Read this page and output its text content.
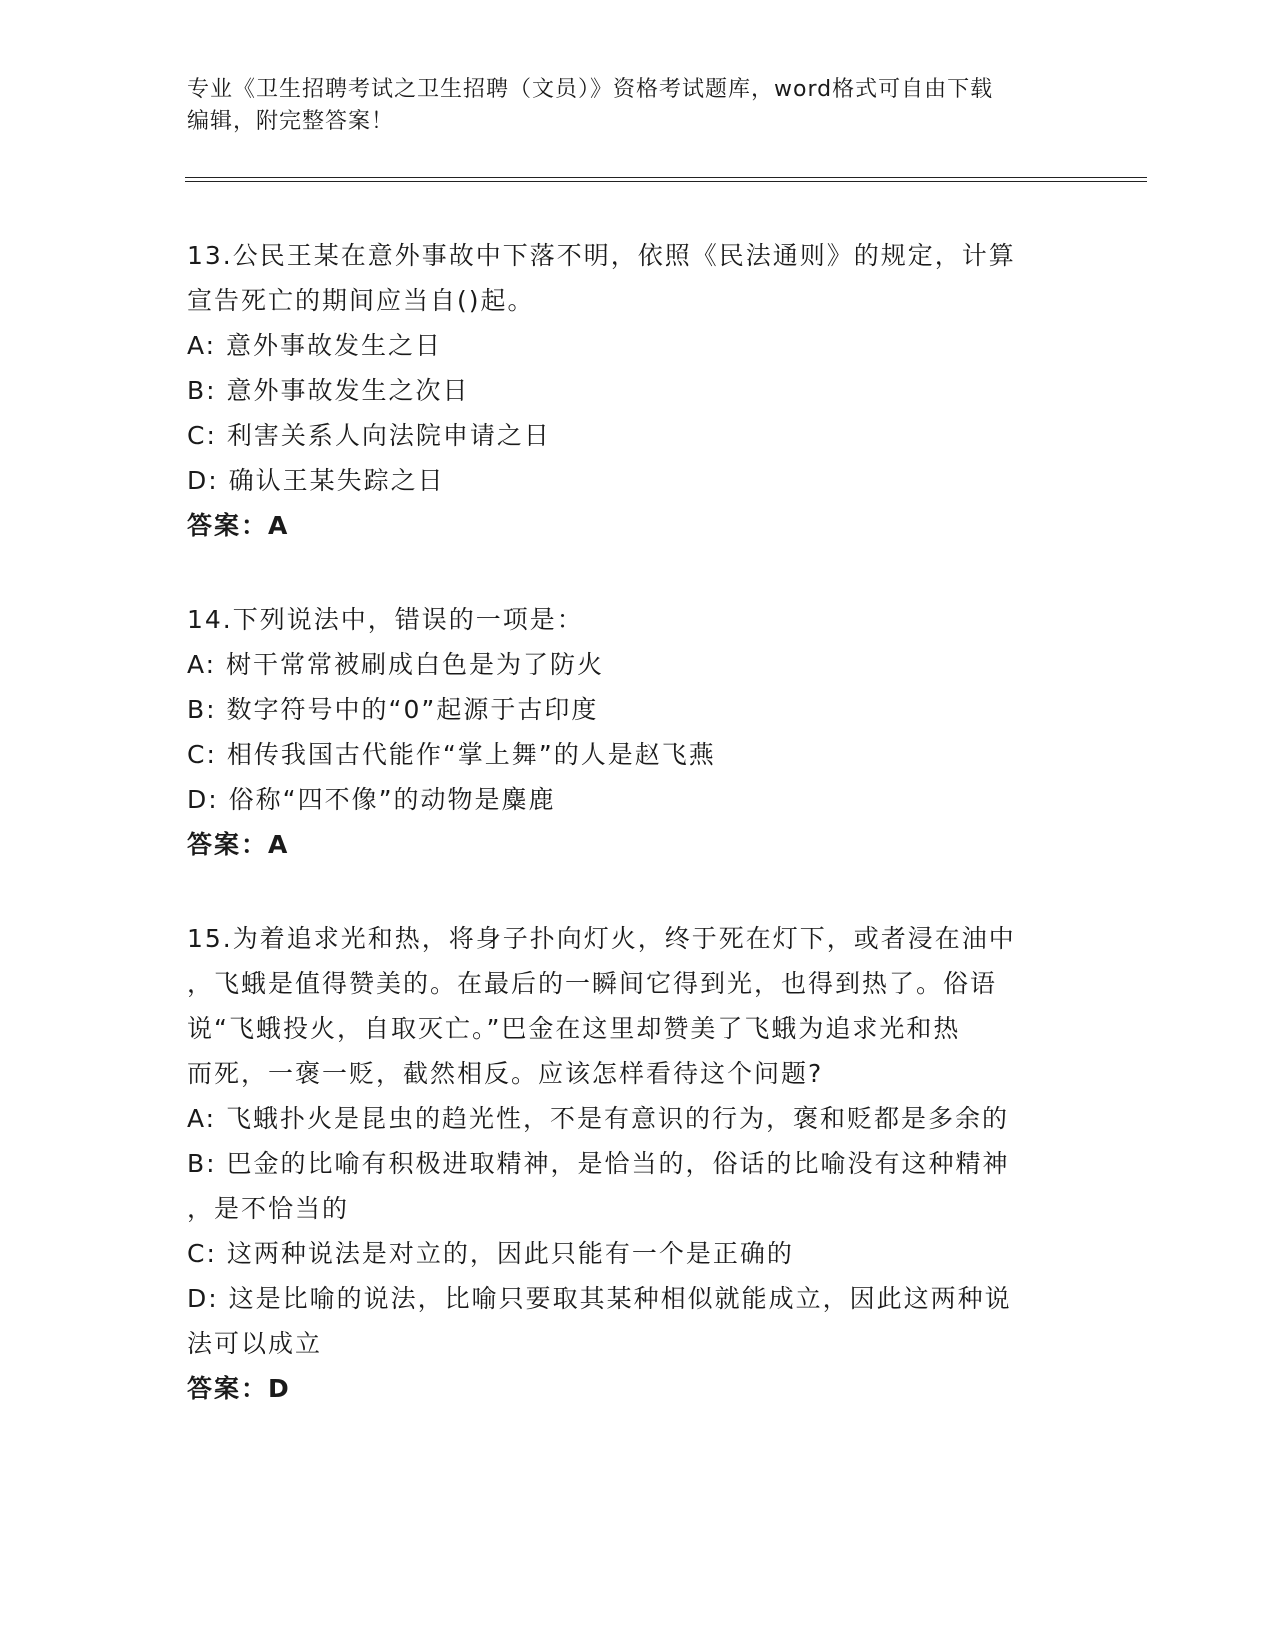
专业《卫生招聘考试之卫生招聘（文员）》资格考试题库，word格式可自由下载
编辑，附完整答案！
13.公民王某在意外事故中下落不明，依照《民法通则》的规定，计算
宣告死亡的期间应当自()起。
A: 意外事故发生之日
B: 意外事故发生之次日
C: 利害关系人向法院申请之日
D: 确认王某失踪之日
答案：A
14.下列说法中，错误的一项是：
A: 树干常常被刷成白色是为了防火
B: 数字符号中的“0”起源于古印度
C: 相传我国古代能作“掌上舞”的人是赵飞燕
D: 俗称“四不像”的动物是麋鹿
答案：A
15.为着追求光和热，将身子扑向灯火，终于死在灯下，或者浸在油中
，飞蛾是值得赞美的。在最后的一瞬间它得到光，也得到热了。俗语
说“飞蛾投火，自取灭亡。”巴金在这里却赞美了飞蛾为追求光和热
而死，一褒一贬，截然相反。应该怎样看待这个问题?
A: 飞蛾扑火是昆虫的趋光性，不是有意识的行为，褒和贬都是多余的
B: 巴金的比喻有积极进取精神，是恰当的，俗话的比喻没有这种精神
，是不恰当的
C: 这两种说法是对立的，因此只能有一个是正确的
D: 这是比喻的说法，比喻只要取其某种相似就能成立，因此这两种说
法可以成立
答案：D
